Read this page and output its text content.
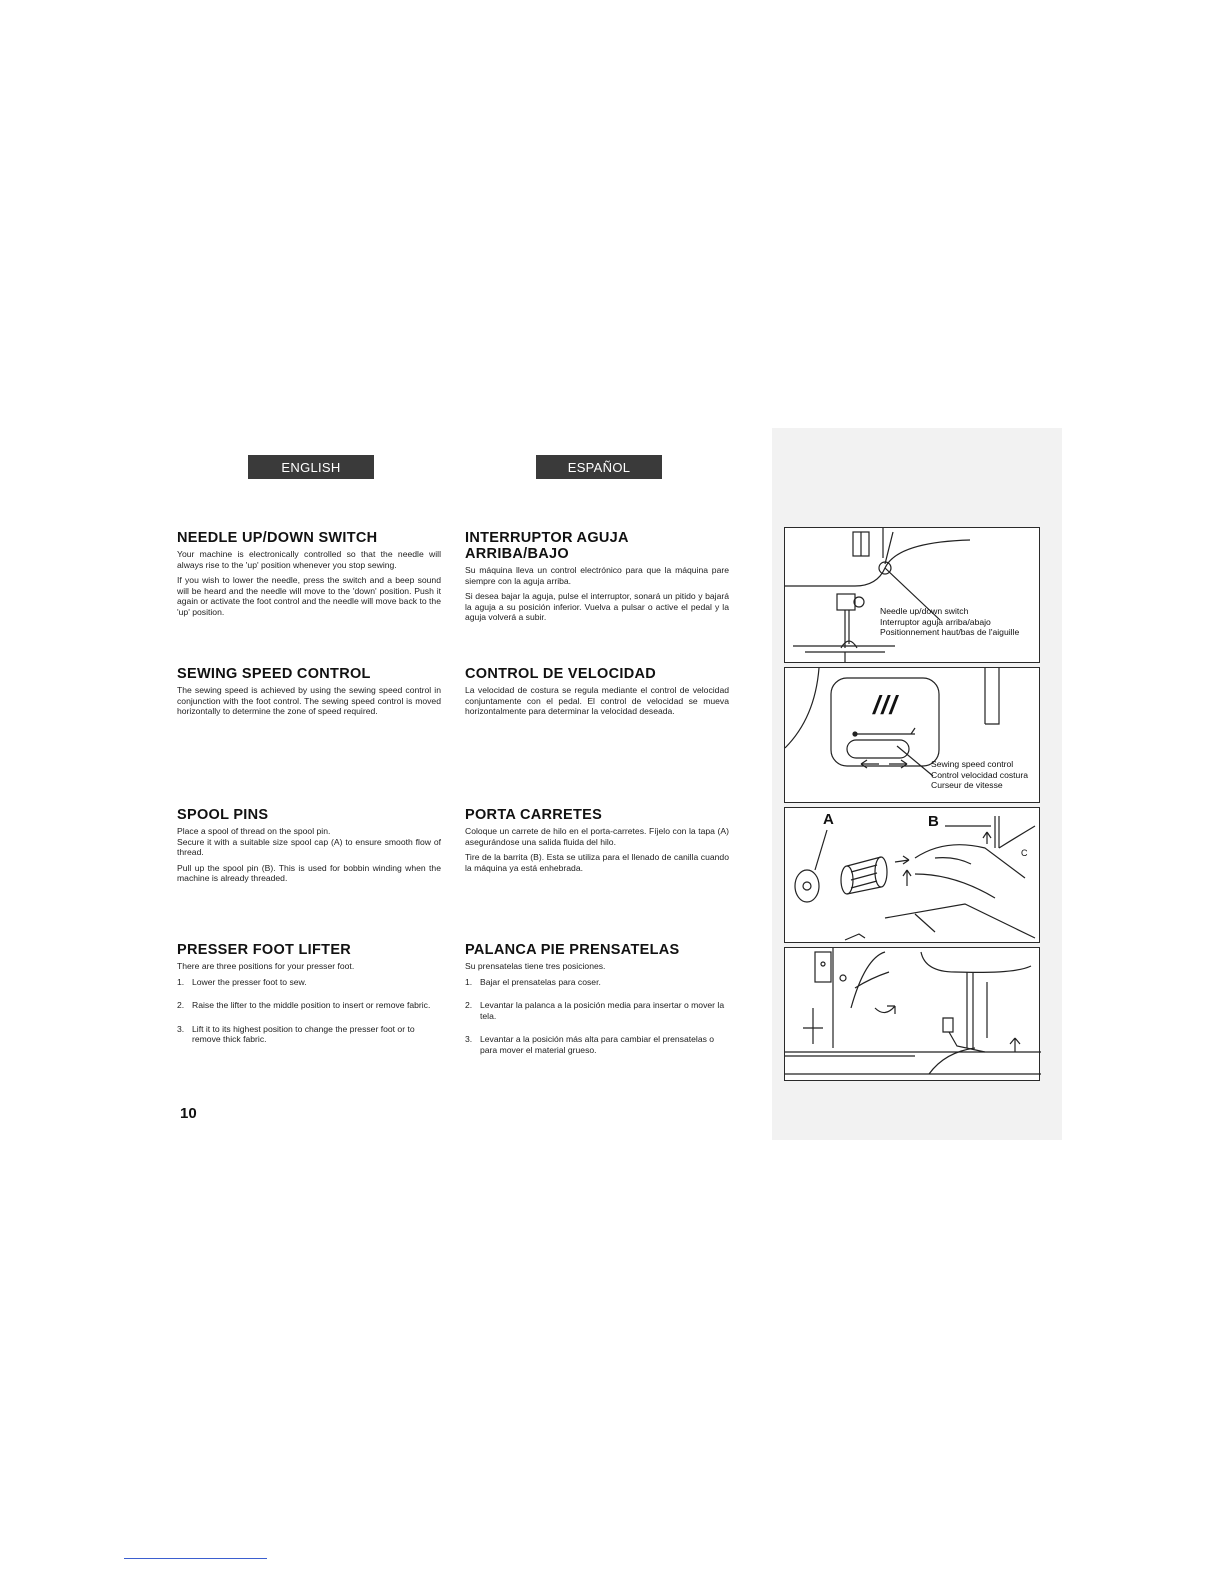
ENGLISH	ESPAÑOL
NEEDLE UP/DOWN SWITCH

Your machine is electronically controlled so that the needle will always rise to the 'up' position whenever you stop sewing.

If you wish to lower the needle, press the switch and a beep sound will be heard and the needle will move to the 'down' position. Push it again or activate the foot control and the needle will move back to the 'up' position.

SEWING SPEED CONTROL

The sewing speed is achieved by using the sewing speed control in conjunction with the foot control. The sewing speed control is moved horizontally to determine the zone of speed required.

SPOOL PINS

Place a spool of thread on the spool pin.

Secure it with a suitable size spool cap (A) to ensure smooth flow of thread.

Pull up the spool pin (B). This is used for bobbin winding when the machine is already threaded.

PRESSER FOOT LIFTER

There are three positions for your presser foot.

1. Lower the presser foot to sew.
2. Raise the lifter to the middle position to insert or remove fabric.
3. Lift it to its highest position to change the presser foot or to remove thick fabric.
INTERRUPTOR AGUJA ARRIBA/BAJO

Su máquina lleva un control electrónico para que la máquina pare siempre con la aguja arriba.

Si desea bajar la aguja, pulse el interruptor, sonará un pitido y bajará la aguja a su posición inferior. Vuelva a pulsar o active el pedal y la aguja volverá a subir.

CONTROL DE VELOCIDAD

La velocidad de costura se regula mediante el control de velocidad conjuntamente con el pedal. El control de velocidad se mueva horizontalmente para determinar la velocidad deseada.

PORTA CARRETES

Coloque un carrete de hilo en el porta-carretes. Fíjelo con la tapa (A) asegurándose una salida fluida del hilo.

Tire de la barrita (B). Esta se utiliza para el llenado de canilla cuando la máquina ya está enhebrada.

PALANCA PIE PRENSATELAS

Su prensatelas tiene tres posiciones.

1. Bajar el prensatelas para coser.
2. Levantar la palanca a la posición media para insertar o mover la tela.
3. Levantar a la posición más alta para cambiar el prensatelas o para mover el material grueso.
Needle up/down switch
Interruptor aguja arriba/abajo
Positionnement haut/bas de l'aiguille
///
Sewing speed control
Control velocidad costura
Curseur de vitesse
A	B
C
10
